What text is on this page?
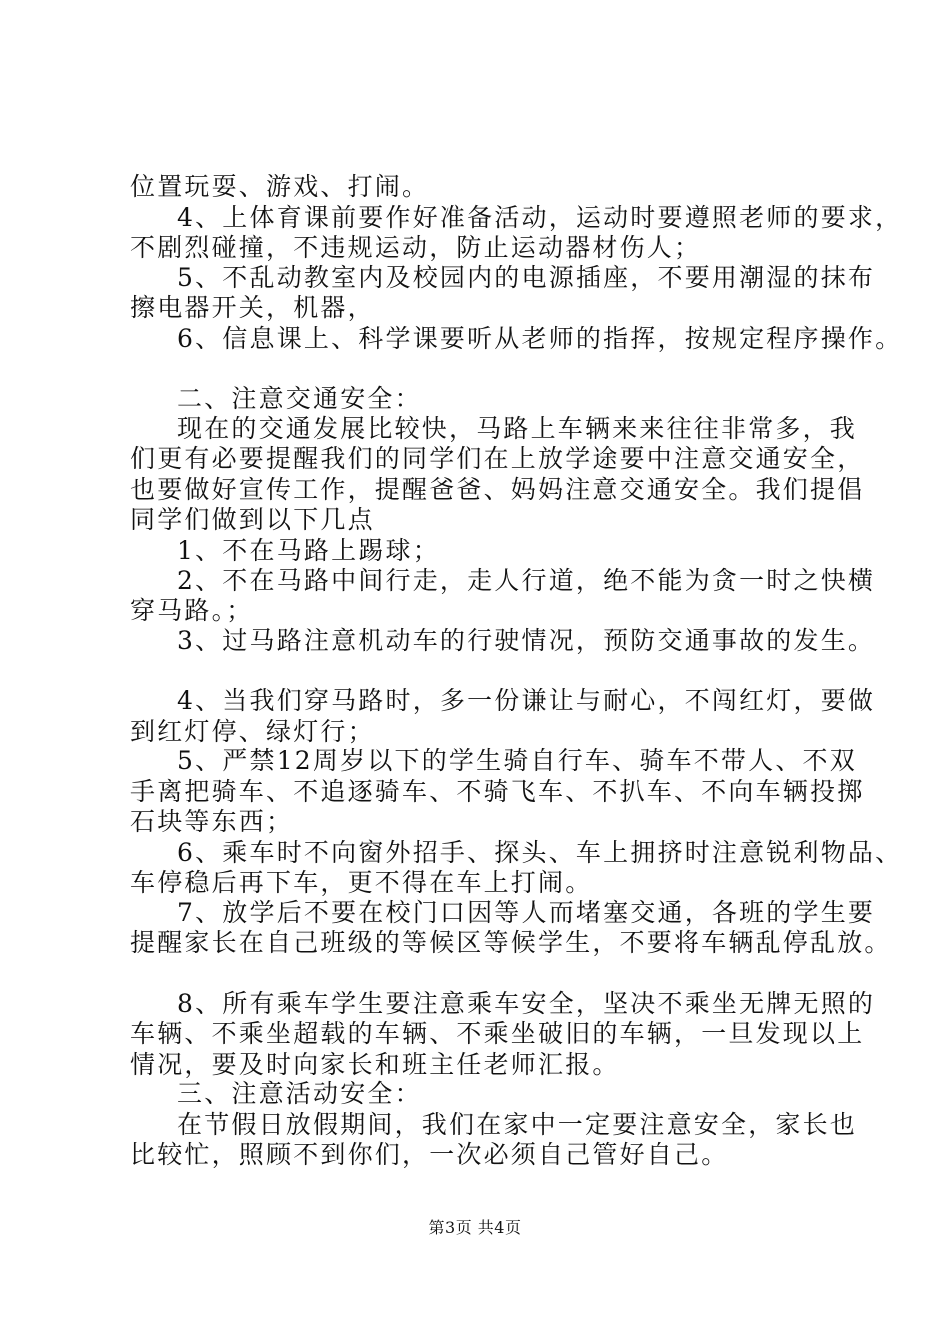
位置玩耍、游戏、打闹。
4、上体育课前要作好准备活动，运动时要遵照老师的要求，
不剧烈碰撞，不违规运动，防止运动器材伤人；
5、不乱动教室内及校园内的电源插座，不要用潮湿的抹布
擦电器开关，机器，
6、信息课上、科学课要听从老师的指挥，按规定程序操作。
二、注意交通安全：
现在的交通发展比较快，马路上车辆来来往往非常多，我
们更有必要提醒我们的同学们在上放学途要中注意交通安全，
也要做好宣传工作，提醒爸爸、妈妈注意交通安全。我们提倡
同学们做到以下几点
1、不在马路上踢球；
2、不在马路中间行走，走人行道，绝不能为贪一时之快横
穿马路。；
3、过马路注意机动车的行驶情况，预防交通事故的发生。
4、当我们穿马路时，多一份谦让与耐心，不闯红灯，要做
到红灯停、绿灯行；
5、严禁12周岁以下的学生骑自行车、骑车不带人、不双
手离把骑车、不追逐骑车、不骑飞车、不扒车、不向车辆投掷
石块等东西；
6、乘车时不向窗外招手、探头、车上拥挤时注意锐利物品、
车停稳后再下车，更不得在车上打闹。
7、放学后不要在校门口因等人而堵塞交通，各班的学生要
提醒家长在自己班级的等候区等候学生，不要将车辆乱停乱放。
8、所有乘车学生要注意乘车安全，坚决不乘坐无牌无照的
车辆、不乘坐超载的车辆、不乘坐破旧的车辆，一旦发现以上
情况，要及时向家长和班主任老师汇报。
三、注意活动安全：
在节假日放假期间，我们在家中一定要注意安全，家长也
比较忙，照顾不到你们，一次必须自己管好自己。
第3页 共4页
